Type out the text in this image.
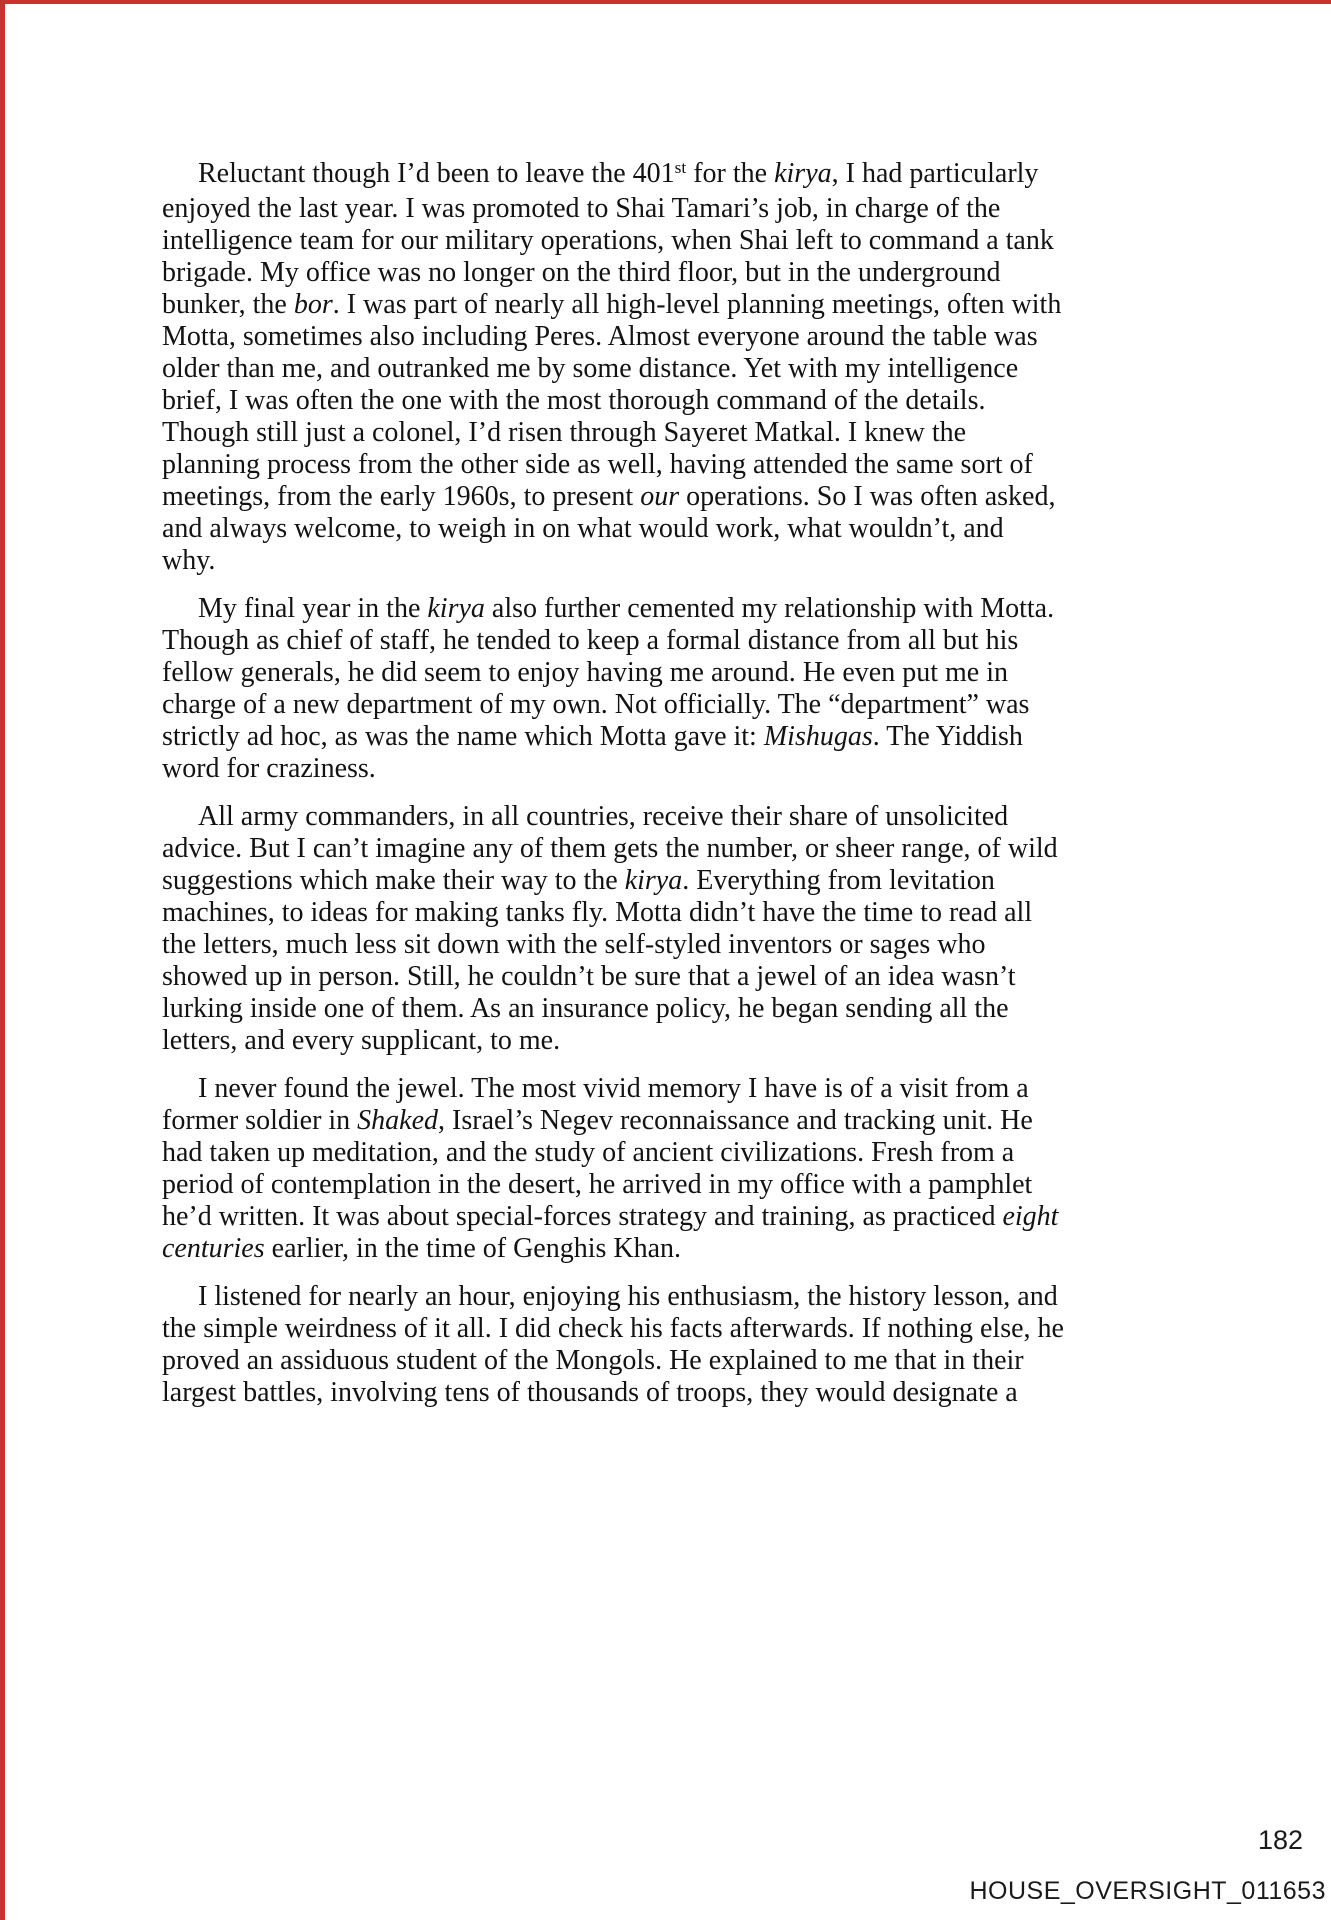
Reluctant though I’d been to leave the 401st for the kirya, I had particularly
enjoyed the last year. I was promoted to Shai Tamari’s job, in charge of the
intelligence team for our military operations, when Shai left to command a tank
brigade. My office was no longer on the third floor, but in the underground
bunker, the bor. I was part of nearly all high-level planning meetings, often with
Motta, sometimes also including Peres. Almost everyone around the table was
older than me, and outranked me by some distance. Yet with my intelligence
brief, I was often the one with the most thorough command of the details.
Though still just a colonel, I’d risen through Sayeret Matkal. I knew the
planning process from the other side as well, having attended the same sort of
meetings, from the early 1960s, to present our operations. So I was often asked,
and always welcome, to weigh in on what would work, what wouldn’t, and
why.
My final year in the kirya also further cemented my relationship with Motta.
Though as chief of staff, he tended to keep a formal distance from all but his
fellow generals, he did seem to enjoy having me around. He even put me in
charge of a new department of my own. Not officially. The “department” was
strictly ad hoc, as was the name which Motta gave it: Mishugas. The Yiddish
word for craziness.
All army commanders, in all countries, receive their share of unsolicited
advice. But I can’t imagine any of them gets the number, or sheer range, of wild
suggestions which make their way to the kirya. Everything from levitation
machines, to ideas for making tanks fly. Motta didn’t have the time to read all
the letters, much less sit down with the self-styled inventors or sages who
showed up in person. Still, he couldn’t be sure that a jewel of an idea wasn’t
lurking inside one of them. As an insurance policy, he began sending all the
letters, and every supplicant, to me.
I never found the jewel. The most vivid memory I have is of a visit from a
former soldier in Shaked, Israel’s Negev reconnaissance and tracking unit. He
had taken up meditation, and the study of ancient civilizations. Fresh from a
period of contemplation in the desert, he arrived in my office with a pamphlet
he’d written. It was about special-forces strategy and training, as practiced eight
centuries earlier, in the time of Genghis Khan.
I listened for nearly an hour, enjoying his enthusiasm, the history lesson, and
the simple weirdness of it all. I did check his facts afterwards. If nothing else, he
proved an assiduous student of the Mongols. He explained to me that in their
largest battles, involving tens of thousands of troops, they would designate a
182
HOUSE_OVERSIGHT_011653
